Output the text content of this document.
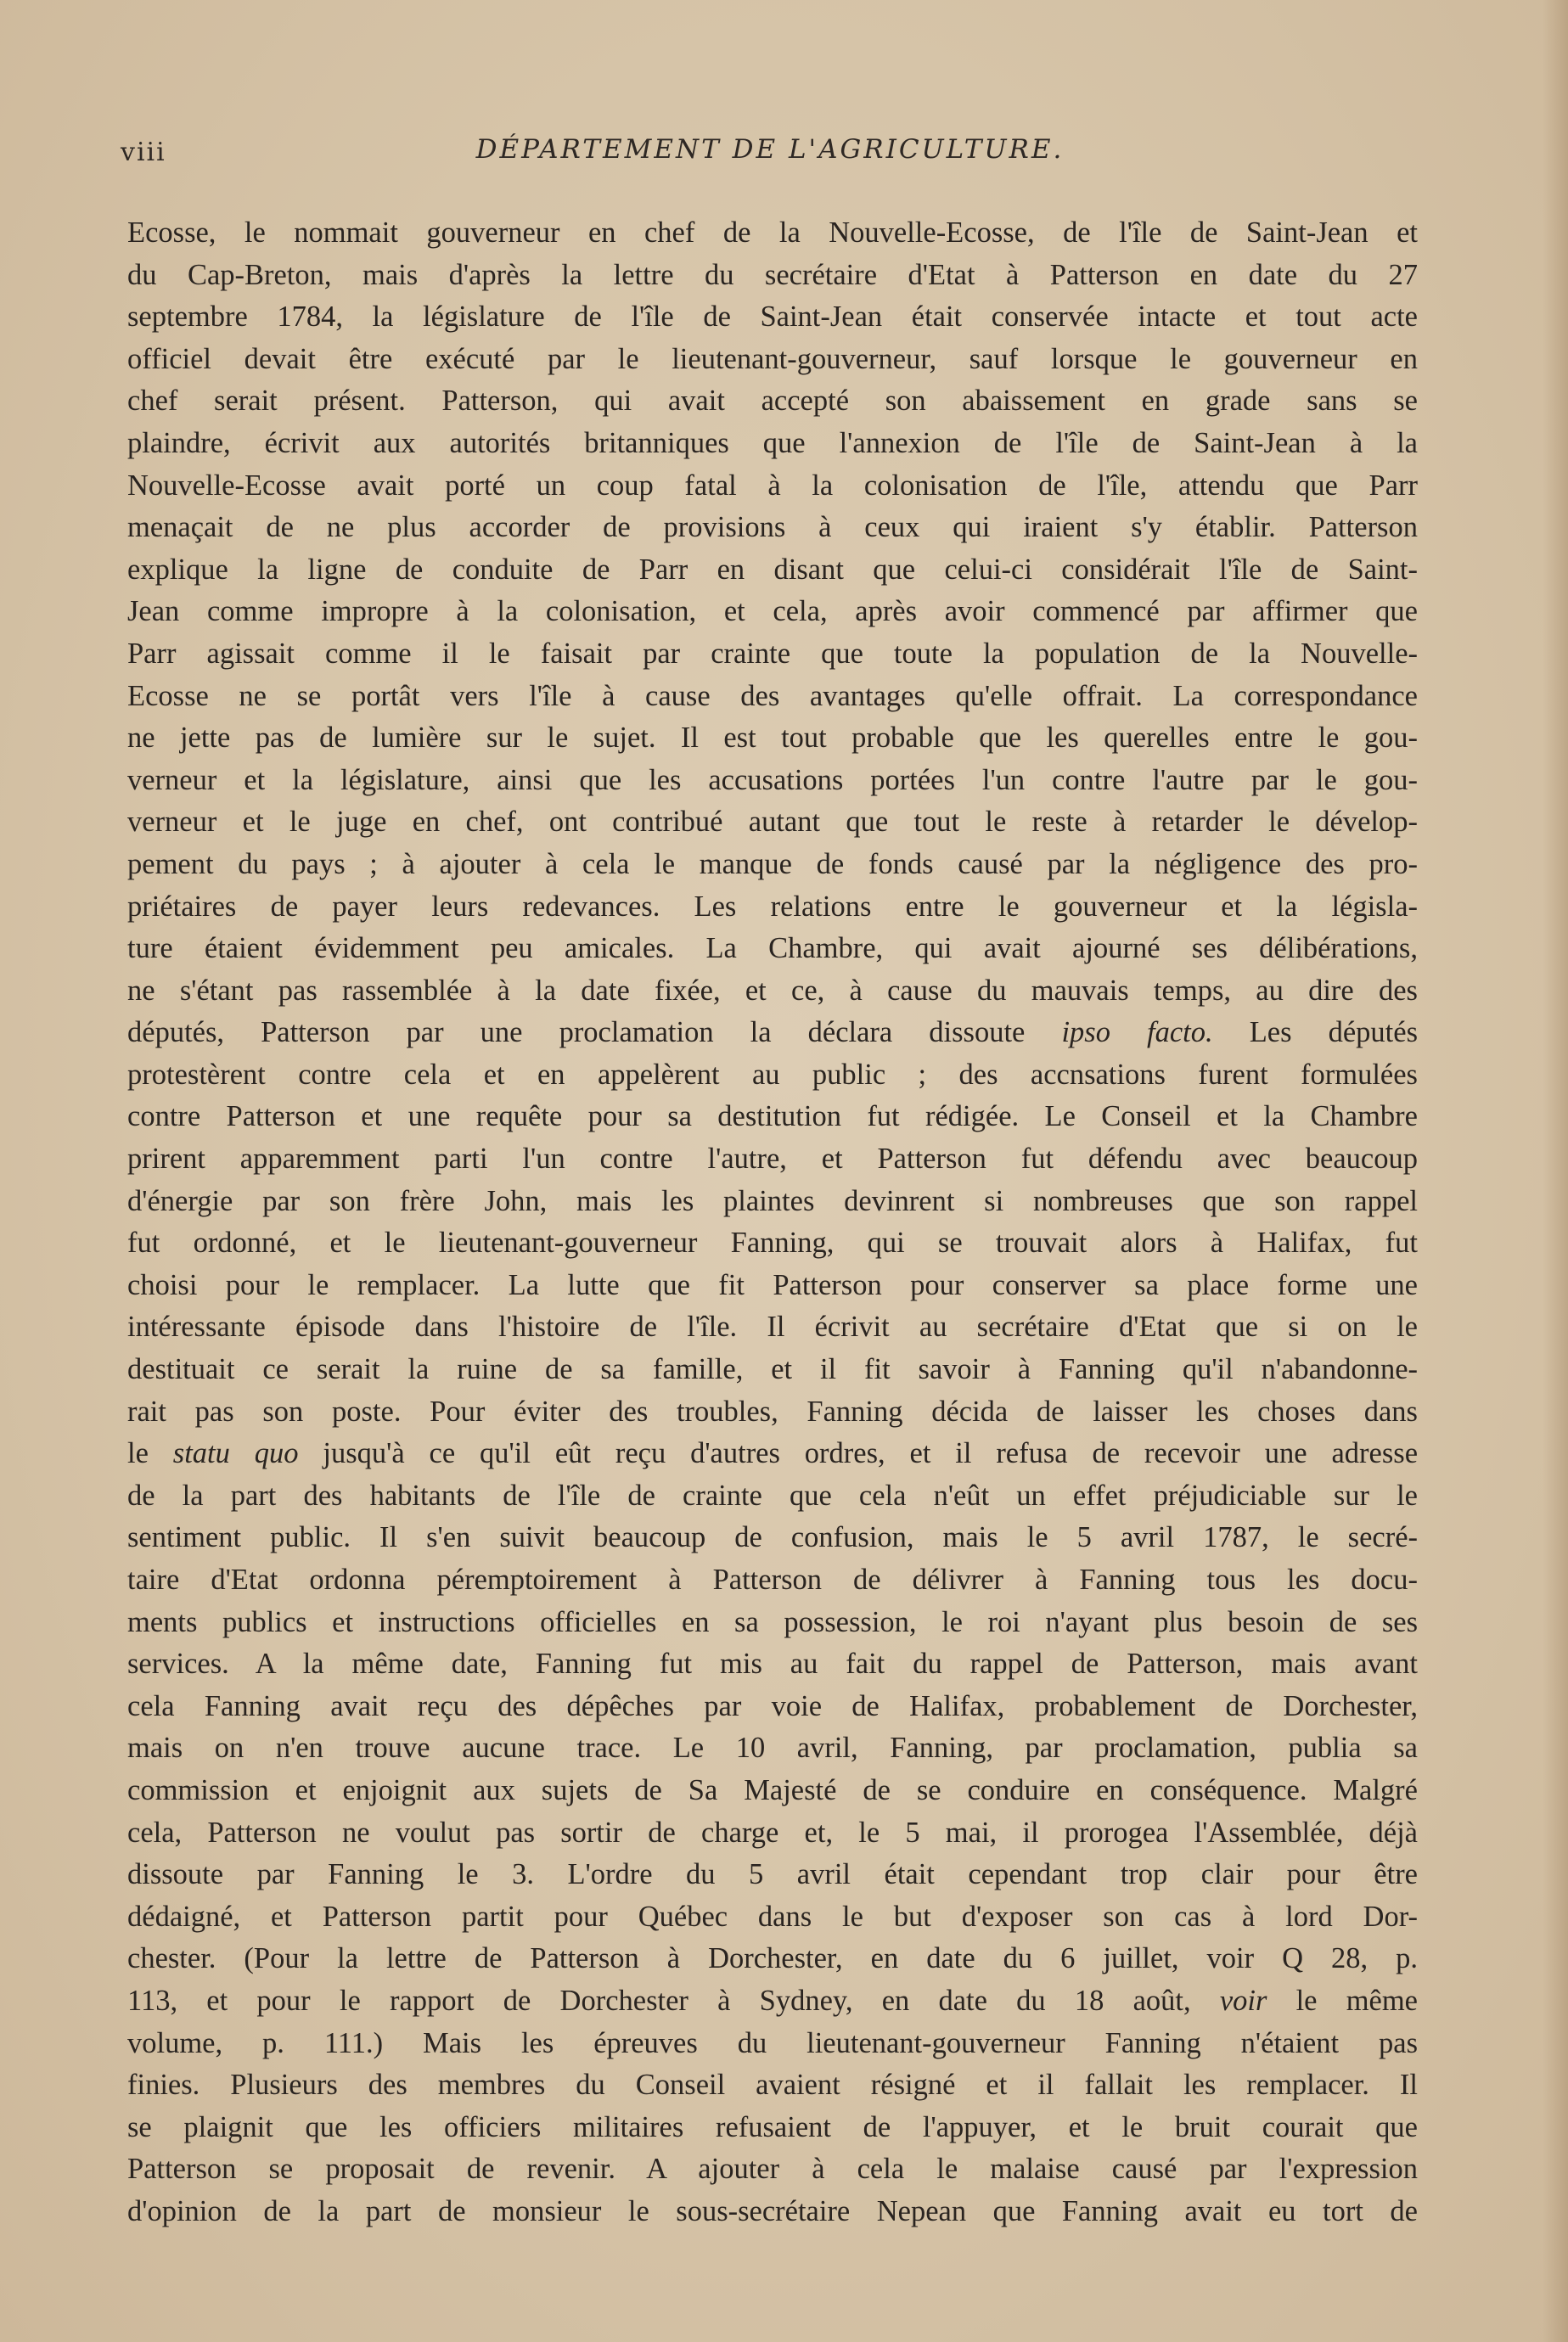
viii	DÉPARTEMENT DE L'AGRICULTURE.
Ecosse, le nommait gouverneur en chef de la Nouvelle-Ecosse, de l'île de Saint-Jean et
du Cap-Breton, mais d'après la lettre du secrétaire d'Etat à Patterson en date du 27
septembre 1784, la législature de l'île de Saint-Jean était conservée intacte et tout acte
officiel devait être exécuté par le lieutenant-gouverneur, sauf lorsque le gouverneur en
chef serait présent. Patterson, qui avait accepté son abaissement en grade sans se
plaindre, écrivit aux autorités britanniques que l'annexion de l'île de Saint-Jean à la
Nouvelle-Ecosse avait porté un coup fatal à la colonisation de l'île, attendu que Parr
menaçait de ne plus accorder de provisions à ceux qui iraient s'y établir. Patterson
explique la ligne de conduite de Parr en disant que celui-ci considérait l'île de Saint-
Jean comme impropre à la colonisation, et cela, après avoir commencé par affirmer que
Parr agissait comme il le faisait par crainte que toute la population de la Nouvelle-
Ecosse ne se portât vers l'île à cause des avantages qu'elle offrait. La correspondance
ne jette pas de lumière sur le sujet. Il est tout probable que les querelles entre le gou-
verneur et la législature, ainsi que les accusations portées l'un contre l'autre par le gou-
verneur et le juge en chef, ont contribué autant que tout le reste à retarder le dévelop-
pement du pays ; à ajouter à cela le manque de fonds causé par la négligence des pro-
priétaires de payer leurs redevances. Les relations entre le gouverneur et la législa-
ture étaient évidemment peu amicales. La Chambre, qui avait ajourné ses délibérations,
ne s'étant pas rassemblée à la date fixée, et ce, à cause du mauvais temps, au dire des
députés, Patterson par une proclamation la déclara dissoute ipso facto. Les députés
protestèrent contre cela et en appelèrent au public ; des accnsations furent formulées
contre Patterson et une requête pour sa destitution fut rédigée. Le Conseil et la Chambre
prirent apparemment parti l'un contre l'autre, et Patterson fut défendu avec beaucoup
d'énergie par son frère John, mais les plaintes devinrent si nombreuses que son rappel
fut ordonné, et le lieutenant-gouverneur Fanning, qui se trouvait alors à Halifax, fut
choisi pour le remplacer. La lutte que fit Patterson pour conserver sa place forme une
intéressante épisode dans l'histoire de l'île. Il écrivit au secrétaire d'Etat que si on le
destituait ce serait la ruine de sa famille, et il fit savoir à Fanning qu'il n'abandonne-
rait pas son poste. Pour éviter des troubles, Fanning décida de laisser les choses dans
le statu quo jusqu'à ce qu'il eût reçu d'autres ordres, et il refusa de recevoir une adresse
de la part des habitants de l'île de crainte que cela n'eût un effet préjudiciable sur le
sentiment public. Il s'en suivit beaucoup de confusion, mais le 5 avril 1787, le secré-
taire d'Etat ordonna péremptoirement à Patterson de délivrer à Fanning tous les docu-
ments publics et instructions officielles en sa possession, le roi n'ayant plus besoin de ses
services. A la même date, Fanning fut mis au fait du rappel de Patterson, mais avant
cela Fanning avait reçu des dépêches par voie de Halifax, probablement de Dorchester,
mais on n'en trouve aucune trace. Le 10 avril, Fanning, par proclamation, publia sa
commission et enjoignit aux sujets de Sa Majesté de se conduire en conséquence. Malgré
cela, Patterson ne voulut pas sortir de charge et, le 5 mai, il prorogea l'Assemblée, déjà
dissoute par Fanning le 3. L'ordre du 5 avril était cependant trop clair pour être
dédaigné, et Patterson partit pour Québec dans le but d'exposer son cas à lord Dor-
chester. (Pour la lettre de Patterson à Dorchester, en date du 6 juillet, voir Q 28, p.
113, et pour le rapport de Dorchester à Sydney, en date du 18 août, voir le même
volume, p. 111.) Mais les épreuves du lieutenant-gouverneur Fanning n'étaient pas
finies. Plusieurs des membres du Conseil avaient résigné et il fallait les remplacer. Il
se plaignit que les officiers militaires refusaient de l'appuyer, et le bruit courait que
Patterson se proposait de revenir. A ajouter à cela le malaise causé par l'expression
d'opinion de la part de monsieur le sous-secrétaire Nepean que Fanning avait eu tort de
